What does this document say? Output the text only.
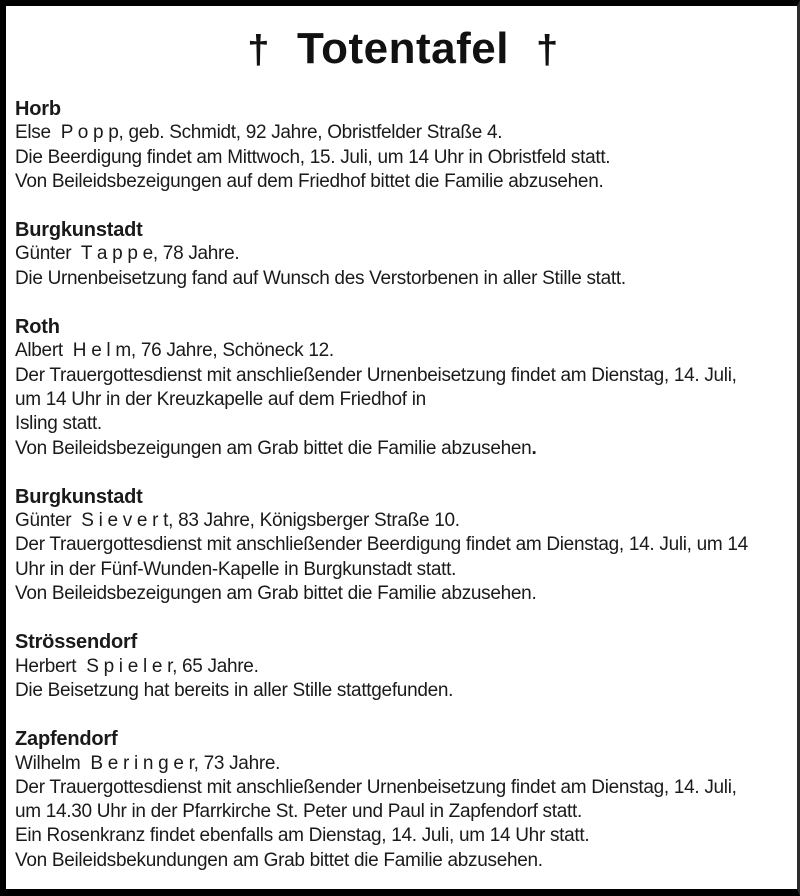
† Totentafel †
Horb
Else  P o p p, geb. Schmidt, 92 Jahre, Obristfelder Straße 4.
Die Beerdigung findet am Mittwoch, 15. Juli, um 14 Uhr in Obristfeld statt.
Von Beileidsbezeigungen auf dem Friedhof bittet die Familie abzusehen.
Burgkunstadt
Günter  T a p p e, 78 Jahre.
Die Urnenbeisetzung fand auf Wunsch des Verstorbenen in aller Stille statt.
Roth
Albert  H e l m, 76 Jahre, Schöneck 12.
Der Trauergottesdienst mit anschließender Urnenbeisetzung findet am Dienstag, 14. Juli,
um 14 Uhr in der Kreuzkapelle auf dem Friedhof in
Isling statt.
Von Beileidsbezeigungen am Grab bittet die Familie abzusehen.
Burgkunstadt
Günter  S i e v e r t, 83 Jahre, Königsberger Straße 10.
Der Trauergottesdienst mit anschließender Beerdigung findet am Dienstag, 14. Juli, um 14
Uhr in der Fünf-Wunden-Kapelle in Burgkunstadt statt.
Von Beileidsbezeigungen am Grab bittet die Familie abzusehen.
Strössendorf
Herbert  S p i e l e r, 65 Jahre.
Die Beisetzung hat bereits in aller Stille stattgefunden.
Zapfendorf
Wilhelm  B e r i n g e r, 73 Jahre.
Der Trauergottesdienst mit anschließender Urnenbeisetzung findet am Dienstag, 14. Juli,
um 14.30 Uhr in der Pfarrkirche St. Peter und Paul in Zapfendorf statt.
Ein Rosenkranz findet ebenfalls am Dienstag, 14. Juli, um 14 Uhr statt.
Von Beileidsbekundungen am Grab bittet die Familie abzusehen.
